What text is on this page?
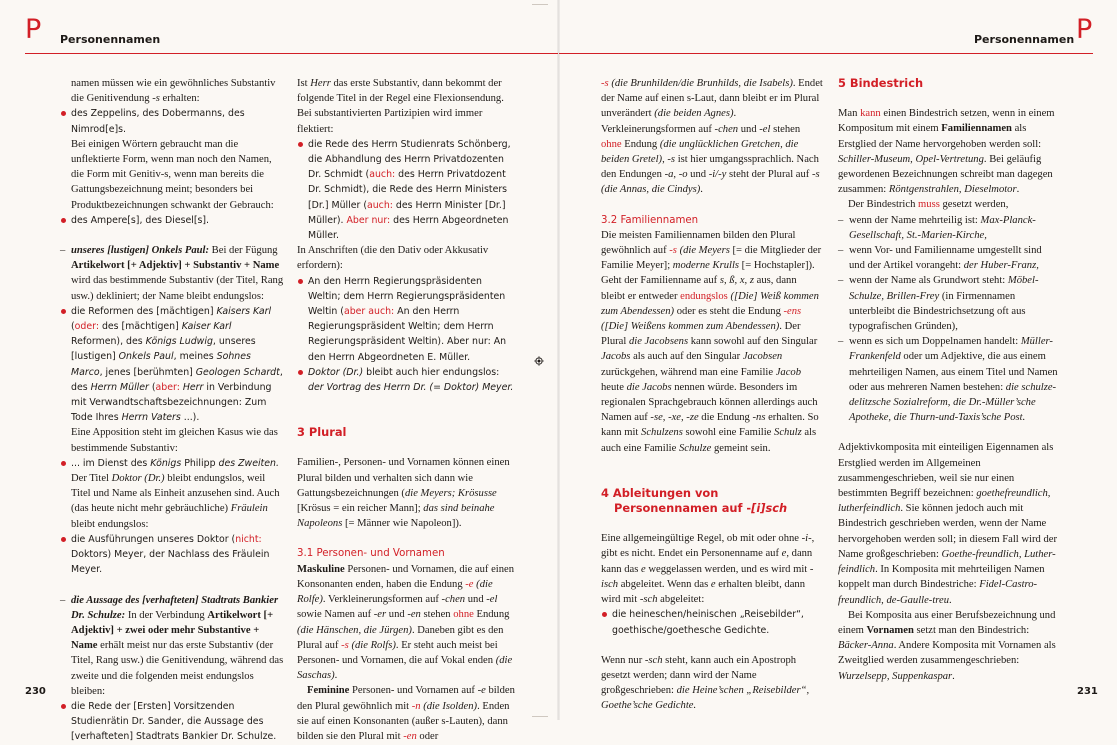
P Personennamen
230

namen müssen wie ein gewöhnliches Substantiv die Genitivendung -s erhalten:

des Zeppelins, des Dobermanns, des Nimrod[e]s.

Bei einigen Wörtern gebraucht man die unflektierte Form, wenn man noch den Namen, die Form mit Genitiv-s, wenn man bereits die Gattungsbezeichnung meint; besonders bei Produktbezeichnungen schwankt der Gebrauch:

des Ampere[s], des Diesel[s].

– unseres [lustigen] Onkels Paul: Bei der Fügung Artikelwort [+ Adjektiv] + Substantiv + Name wird das bestimmende Substantiv (der Titel, Rang usw.) dekliniert; der Name bleibt endungslos:

die Reformen des [mächtigen] Kaisers Karl (oder: des [mächtigen] Kaiser Karl Reformen), des Königs Ludwig, unseres [lustigen] Onkels Paul, meines Sohnes Marco, jenes [berühmten] Geologen Schardt, des Herrn Müller (aber: Herr in Verbindung mit Verwandtschaftsbezeichnungen: Zum Tode Ihres Herrn Vaters ...).

Eine Apposition steht im gleichen Kasus wie das bestimmende Substantiv:

... im Dienst des Königs Philipp des Zweiten.

Der Titel Doktor (Dr.) bleibt endungslos, weil Titel und Name als Einheit anzusehen sind. Auch (das heute nicht mehr gebräuchliche) Fräulein bleibt endungslos:

die Ausführungen unseres Doktor (nicht: Doktors) Meyer, der Nachlass des Fräulein Meyer.

– die Aussage des [verhafteten] Stadtrats Bankier Dr. Schulze: In der Verbindung Artikelwort [+ Adjektiv] + zwei oder mehr Substantive + Name erhält meist nur das erste Substantiv (der Titel, Rang usw.) die Genitivendung, während das zweite und die folgenden meist endungslos bleiben:

die Rede der [Ersten] Vorsitzenden Studienrätin Dr. Sander, die Aussage des [verhafteten] Stadtrats Bankier Dr. Schulze.

Ist Herr das erste Substantiv, dann bekommt der folgende Titel in der Regel eine Flexionsendung. Bei substantivierten Partizipien wird immer flektiert:

die Rede des Herrn Studienrats Schönberg, die Abhandlung des Herrn Privatdozenten Dr. Schmidt (auch: des Herrn Privatdozent Dr. Schmidt), die Rede des Herrn Ministers [Dr.] Müller (auch: des Herrn Minister [Dr.] Müller). Aber nur: des Herrn Abgeordneten Müller.

In Anschriften (die den Dativ oder Akkusativ erfordern):

An den Herrn Regierungspräsidenten Weltin; dem Herrn Regierungspräsidenten Weltin (aber auch: An den Herrn Regierungspräsident Weltin; dem Herrn Regierungspräsident Weltin). Aber nur: An den Herrn Abgeordneten E. Müller.

Doktor (Dr.) bleibt auch hier endungslos: der Vortrag des Herrn Dr. (= Doktor) Meyer.

3 Plural

Familien-, Personen- und Vornamen können einen Plural bilden und verhalten sich dann wie Gattungsbezeichnungen (die Meyers; Krösusse [Krösus = ein reicher Mann]; das sind beinahe Napoleons [= Männer wie Napoleon]).

3.1 Personen- und Vornamen

Maskuline Personen- und Vornamen, die auf einen Konsonanten enden, haben die Endung -e (die Rolfe). Verkleinerungsformen auf -chen und -el sowie Namen auf -er und -en stehen ohne Endung (die Hänschen, die Jürgen). Daneben gibt es den Plural auf -s (die Rolfs). Er steht auch meist bei Personen- und Vornamen, die auf Vokal enden (die Saschas).

Feminine Personen- und Vornamen auf -e bilden den Plural gewöhnlich mit -n (die Isolden). Enden sie auf einen Konsonanten (außer s-Lauten), dann bilden sie den Plural mit -en oder

P
Personennamen
231

-s (die Brunhilden/die Brunhilds, die Isabels). Endet der Name auf einen s-Laut, dann bleibt er im Plural unverändert (die beiden Agnes). Verkleinerungsformen auf -chen und -el stehen ohne Endung (die unglücklichen Gretchen, die beiden Gretel), -s ist hier umgangssprachlich. Nach den Endungen -a, -o und -i/-y steht der Plural auf -s (die Annas, die Cindys).

3.2 Familiennamen

Die meisten Familiennamen bilden den Plural gewöhnlich auf -s (die Meyers [= die Mitglieder der Familie Meyer]; moderne Krulls [= Hochstapler]). Geht der Familienname auf s, ß, x, z aus, dann bleibt er entweder endungslos ([Die] Weiß kommen zum Abendessen) oder es steht die Endung -ens ([Die] Weißens kommen zum Abendessen). Der Plural die Jacobsens kann sowohl auf den Singular Jacobs als auch auf den Singular Jacobsen zurückgehen, während man eine Familie Jacob heute die Jacobs nennen würde. Besonders im regionalen Sprachgebrauch können allerdings auch Namen auf -se, -xe, -ze die Endung -ns erhalten. So kann mit Schulzens sowohl eine Familie Schulz als auch eine Familie Schulze gemeint sein.

4 Ableitungen von Personennamen auf -[i]sch

Eine allgemeingültige Regel, ob mit oder ohne -i-, gibt es nicht. Endet ein Personenname auf e, dann kann das e weggelassen werden, und es wird mit -isch abgeleitet. Wenn das e erhalten bleibt, dann wird mit -sch abgeleitet:

die heineschen/heinischen „Reisebilder“, goethische/goethesche Gedichte.

Wenn nur -sch steht, kann auch ein Apostroph gesetzt werden; dann wird der Name großgeschrieben: die Heine’schen „Reisebilder“, Goethe’sche Gedichte.

5 Bindestrich

Man kann einen Bindestrich setzen, wenn in einem Kompositum mit einem Familiennamen als Erstglied der Name hervorgehoben werden soll: Schiller-Museum, Opel-Vertretung. Bei geläufig gewordenen Bezeichnungen schreibt man dagegen zusammen: Röntgenstrahlen, Dieselmotor.

Der Bindestrich muss gesetzt werden,

– wenn der Name mehrteilig ist: Max-Planck-Gesellschaft, St.-Marien-Kirche,

– wenn Vor- und Familienname umgestellt sind und der Artikel vorangeht: der Huber-Franz,

– wenn der Name als Grundwort steht: Möbel-Schulze, Brillen-Frey (in Firmennamen unterbleibt die Bindestrichsetzung oft aus typografischen Gründen),

– wenn es sich um Doppelnamen handelt: Müller-Frankenfeld oder um Adjektive, die aus einem mehrteiligen Namen, aus einem Titel und Namen oder aus mehreren Namen bestehen: die schulze-delitzsche Sozialreform, die Dr.-Müller’sche Apotheke, die Thurn-und-Taxis’sche Post.

Adjektivkomposita mit einteiligen Eigennamen als Erstglied werden im Allgemeinen zusammengeschrieben, weil sie nur einen bestimmten Begriff bezeichnen: goethefreundlich, lutherfeindlich. Sie können jedoch auch mit Bindestrich geschrieben werden, wenn der Name hervorgehoben werden soll; in diesem Fall wird der Name großgeschrieben: Goethe-freundlich, Luther-feindlich. In Komposita mit mehrteiligen Namen koppelt man durch Bindestriche: Fidel-Castro-freundlich, de-Gaulle-treu.

Bei Komposita aus einer Berufsbezeichnung und einem Vornamen setzt man den Bindestrich: Bäcker-Anna. Andere Komposita mit Vornamen als Zweitglied werden zusammengeschrieben: Wurzelsepp, Suppenkaspar.
